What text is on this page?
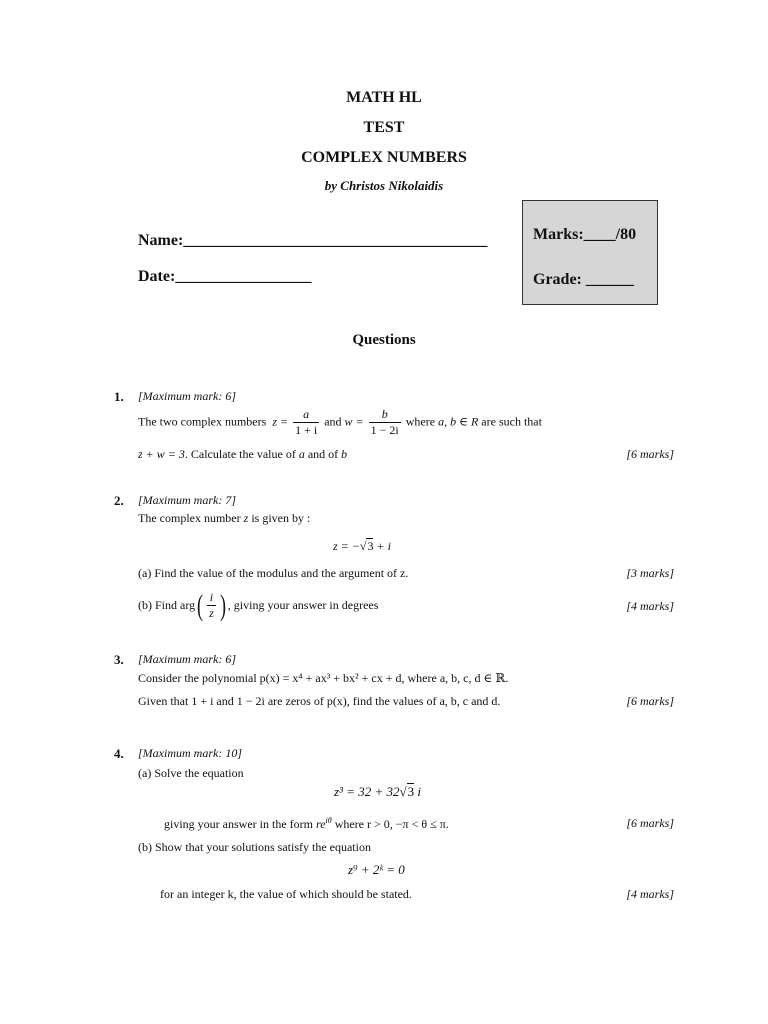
MATH HL
TEST
COMPLEX NUMBERS
by Christos Nikolaidis
Name:______________________________________
Date:_________________
Marks:____/80
Grade: ______
Questions
1. [Maximum mark: 6]
The two complex numbers $z = \frac{a}{1 + i}$ and $w = \frac{b}{1 - 2i}$ where a, b ∈ R are such that
z + w = 3. Calculate the value of a and of b	[6 marks]
2. [Maximum mark: 7]
The complex number z is given by :
z = −√3 + i
(a) Find the value of the modulus and the argument of z.	[3 marks]
(b) Find $arg( \frac{i}{z}$ ) , giving your answer in degrees	[4 marks]
3. [Maximum mark: 6]
Consider the polynomial p(x) = x⁴ + ax³ + bx² + cx + d, where a, b, c, d ∈ ℝ.
Given that 1 + i and 1 − 2i are zeros of p(x), find the values of a, b, c and d.	[6 marks]
4. [Maximum mark: 10]
(a) Solve the equation
z³ = 32 + 32√3 i
giving your answer in the form $re^{i\theta}$ where r > 0, −π < θ ≤ π.	[6 marks]
(b) Show that your solutions satisfy the equation
z⁹ + 2ᵏ = 0
for an integer k, the value of which should be stated.	[4 marks]
